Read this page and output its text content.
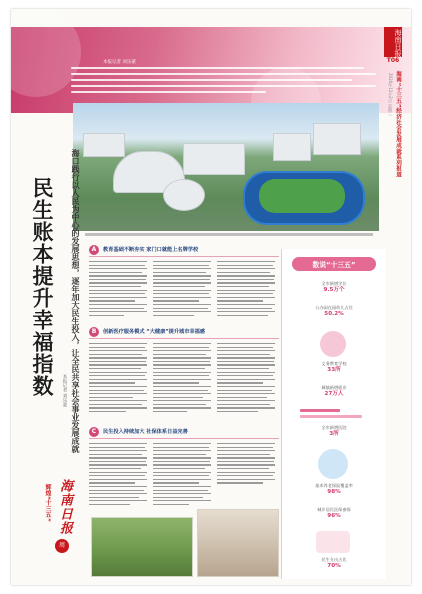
本报记者 刘乐蒙
海南日报
T06
海南“十三五”经济社会发展成就系列报道
2020年12月2日 星期三
民生账本提升幸福指数 海口践行以人民为中心的发展思想，逐年加大民生投入，让全民共享社会事业发展成就
本报记者 刘乐蒙
海南日报
辉煌“十三五”
周
A	教育基础不断夯实 家门口就能上名牌学校
B	创新医疗服务模式 “大健康”提升城市幸福感
C	民生投入持续加大 社保体系日益完善
数说“十三五”
全市新增学位
9.5万个
公办园在园幼儿占比
50.2%
义务教育学校
33所
城镇新增就业
27万人
全市新增医院
3所
基本养老保险覆盖率
98%
城乡居民医保参保
96%
民生支出占比
70%
